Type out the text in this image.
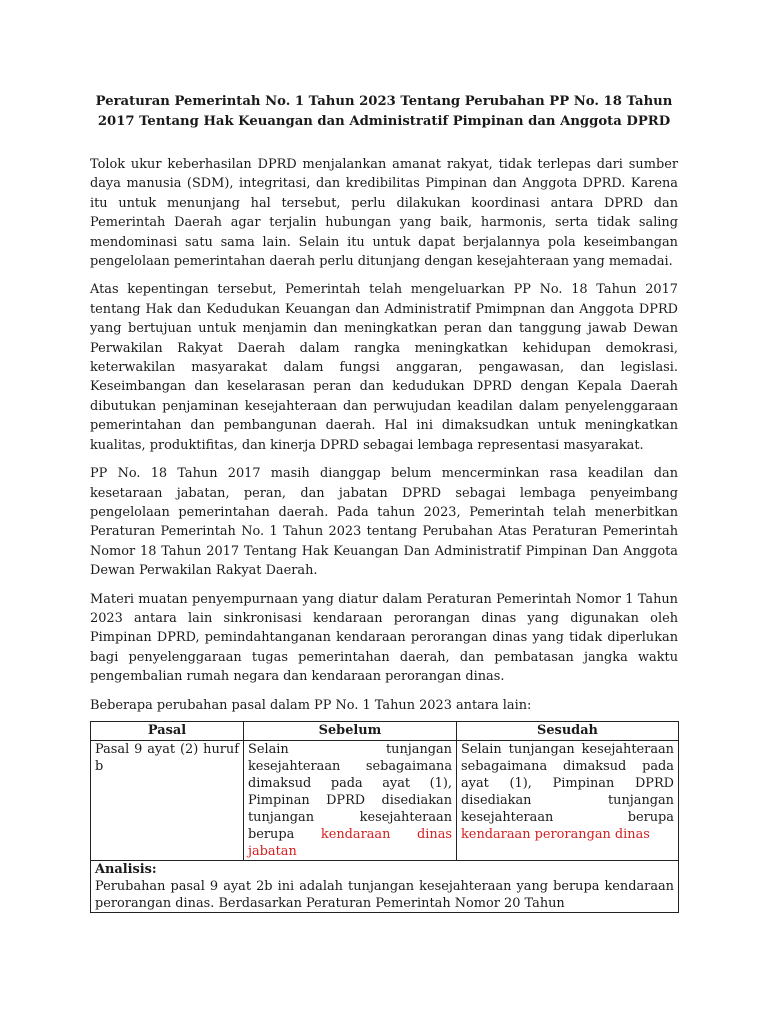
Peraturan Pemerintah No. 1 Tahun 2023 Tentang Perubahan PP No. 18 Tahun 2017 Tentang Hak Keuangan dan Administratif Pimpinan dan Anggota DPRD

Tolok ukur keberhasilan DPRD menjalankan amanat rakyat, tidak terlepas dari sumber daya manusia (SDM), integritasi, dan kredibilitas Pimpinan dan Anggota DPRD. Karena itu untuk menunjang hal tersebut, perlu dilakukan koordinasi antara DPRD dan Pemerintah Daerah agar terjalin hubungan yang baik, harmonis, serta tidak saling mendominasi satu sama lain. Selain itu untuk dapat berjalannya pola keseimbangan pengelolaan pemerintahan daerah perlu ditunjang dengan kesejahteraan yang memadai.

Atas kepentingan tersebut, Pemerintah telah mengeluarkan PP No. 18 Tahun 2017 tentang Hak dan Kedudukan Keuangan dan Administratif Pmimpnan dan Anggota DPRD yang bertujuan untuk menjamin dan meningkatkan peran dan tanggung jawab Dewan Perwakilan Rakyat Daerah dalam rangka meningkatkan kehidupan demokrasi, keterwakilan masyarakat dalam fungsi anggaran, pengawasan, dan legislasi. Keseimbangan dan keselarasan peran dan kedudukan DPRD dengan Kepala Daerah dibutukan penjaminan kesejahteraan dan perwujudan keadilan dalam penyelenggaraan pemerintahan dan pembangunan daerah. Hal ini dimaksudkan untuk meningkatkan kualitas, produktifitas, dan kinerja DPRD sebagai lembaga representasi masyarakat.

PP No. 18 Tahun 2017 masih dianggap belum mencerminkan rasa keadilan dan kesetaraan jabatan, peran, dan jabatan DPRD sebagai lembaga penyeimbang pengelolaan pemerintahan daerah. Pada tahun 2023, Pemerintah telah menerbitkan Peraturan Pemerintah No. 1 Tahun 2023 tentang Perubahan Atas Peraturan Pemerintah Nomor 18 Tahun 2017 Tentang Hak Keuangan Dan Administratif Pimpinan Dan Anggota Dewan Perwakilan Rakyat Daerah.

Materi muatan penyempurnaan yang diatur dalam Peraturan Pemerintah Nomor 1 Tahun 2023 antara lain sinkronisasi kendaraan perorangan dinas yang digunakan oleh Pimpinan DPRD, pemindahtanganan kendaraan perorangan dinas yang tidak diperlukan bagi penyelenggaraan tugas pemerintahan daerah, dan pembatasan jangka waktu pengembalian rumah negara dan kendaraan perorangan dinas.

Beberapa perubahan pasal dalam PP No. 1 Tahun 2023 antara lain:

Pasal	Sebelum	Sesudah
Pasal 9 ayat (2) huruf b	Selain tunjangan kesejahteraan sebagaimana dimaksud pada ayat (1), Pimpinan DPRD disediakan tunjangan kesejahteraan berupa kendaraan dinas jabatan	Selain tunjangan kesejahteraan sebagaimana dimaksud pada ayat (1), Pimpinan DPRD disediakan tunjangan kesejahteraan berupa kendaraan perorangan dinas

Analisis:
Perubahan pasal 9 ayat 2b ini adalah tunjangan kesejahteraan yang berupa kendaraan perorangan dinas. Berdasarkan Peraturan Pemerintah Nomor 20 Tahun		
